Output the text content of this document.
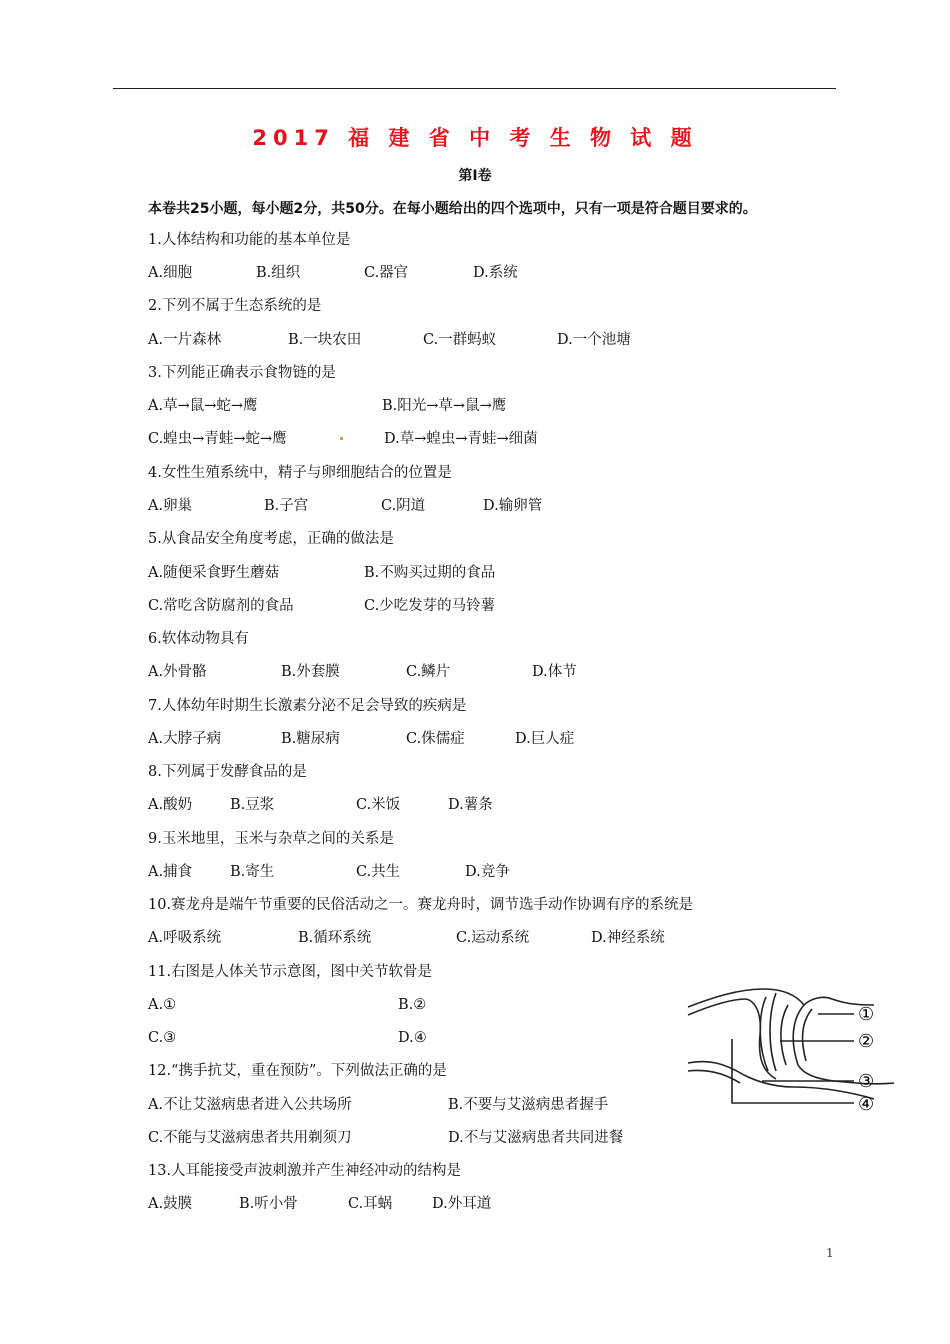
2017 福 建 省 中 考 生 物 试 题
第Ⅰ卷
本卷共25小题，每小题2分，共50分。在每小题给出的四个选项中，只有一项是符合题目要求的。
1.人体结构和功能的基本单位是
A.细胞	B.组织	C.器官	D.系统
2.下列不属于生态系统的是
A.一片森林	B.一块农田	C.一群蚂蚁	D.一个池塘
3.下列能正确表示食物链的是
A.草→鼠→蛇→鹰	B.阳光→草→鼠→鹰
C.蝗虫→青蛙→蛇→鹰	D.草→蝗虫→青蛙→细菌
4.女性生殖系统中，精子与卵细胞结合的位置是
A.卵巢	B.子宫	C.阴道	D.输卵管
5.从食品安全角度考虑，正确的做法是
A.随便采食野生蘑菇	B.不购买过期的食品
C.常吃含防腐剂的食品	C.少吃发芽的马铃薯
6.软体动物具有
A.外骨骼	B.外套膜	C.鳞片	D.体节
7.人体幼年时期生长激素分泌不足会导致的疾病是
A.大脖子病	B.糖尿病	C.侏儒症	D.巨人症
8.下列属于发酵食品的是
A.酸奶	B.豆浆	C.米饭	D.薯条
9.玉米地里，玉米与杂草之间的关系是
A.捕食	B.寄生	C.共生	D.竞争
10.赛龙舟是端午节重要的民俗活动之一。赛龙舟时，调节选手动作协调有序的系统是
A.呼吸系统	B.循环系统	C.运动系统	D.神经系统
11.右图是人体关节示意图，图中关节软骨是
A.①	B.②
C.③	D.④
①
②
③
④
12.“携手抗艾，重在预防”。下列做法正确的是
A.不让艾滋病患者进入公共场所	B.不要与艾滋病患者握手
C.不能与艾滋病患者共用剃须刀	D.不与艾滋病患者共同进餐
13.人耳能接受声波刺激并产生神经冲动的结构是
A.鼓膜	B.听小骨	C.耳蜗	D.外耳道
1
